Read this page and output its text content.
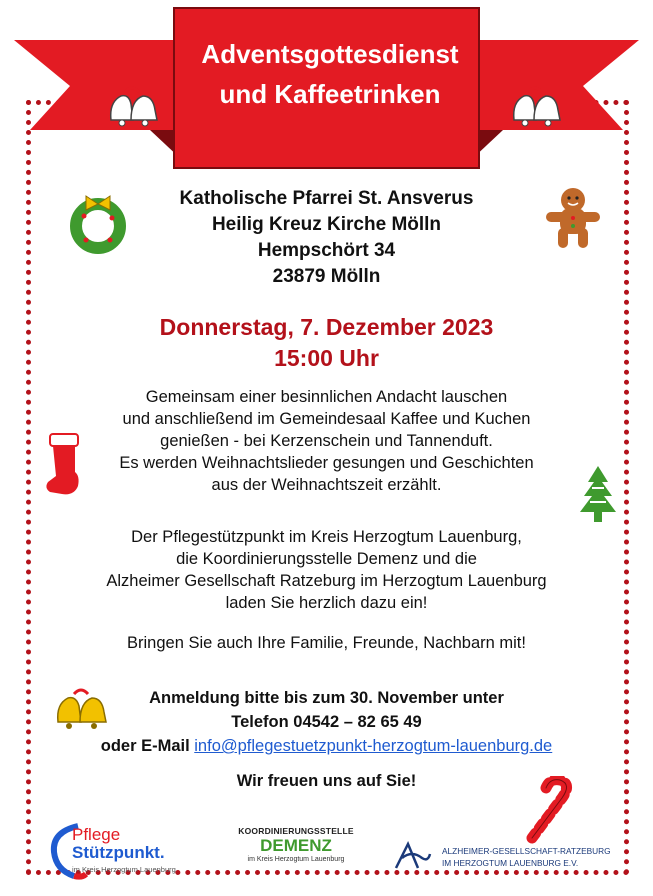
Adventsgottesdienst
und Kaffeetrinken
Katholische Pfarrei St. Ansverus
Heilig Kreuz Kirche Mölln
Hempschört 34
23879 Mölln
Donnerstag, 7. Dezember 2023
15:00 Uhr
Gemeinsam einer besinnlichen Andacht lauschen
und anschließend im Gemeindesaal Kaffee und Kuchen
genießen - bei Kerzenschein und Tannenduft.
Es werden Weihnachtslieder gesungen und Geschichten
aus der Weihnachtszeit erzählt.
Der Pflegestützpunkt im Kreis Herzogtum Lauenburg,
die Koordinierungsstelle Demenz und die
Alzheimer Gesellschaft Ratzeburg im Herzogtum Lauenburg
laden Sie herzlich dazu ein!
Bringen Sie auch Ihre Familie, Freunde, Nachbarn mit!
Anmeldung bitte bis zum 30. November unter
Telefon 04542 – 82 65 49
oder E-Mail info@pflegestuetzpunkt-herzogtum-lauenburg.de
Wir freuen uns auf Sie!
Pflege
Stützpunkt.
im Kreis Herzogtum Lauenburg
KOORDINIERUNGSSTELLE
DEMENZ
im Kreis Herzogtum Lauenburg
ALZHEIMER-GESELLSCHAFT-RATZEBURG
IM HERZOGTUM LAUENBURG E.V.
